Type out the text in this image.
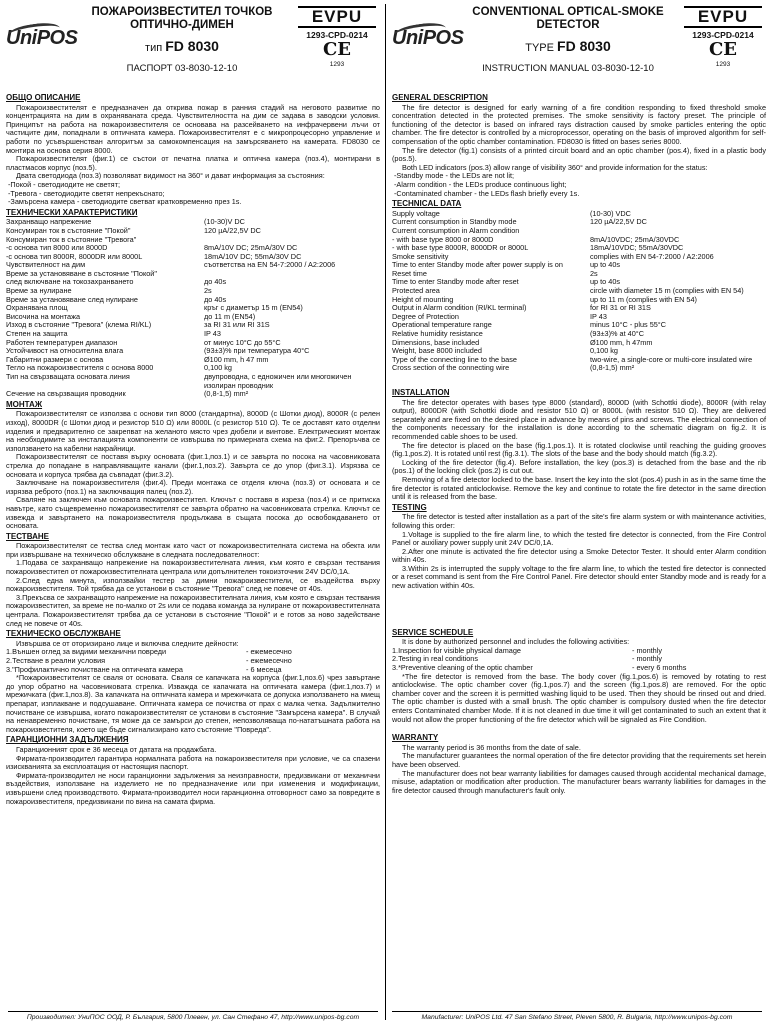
UniPOS
ПОЖАРОИЗВЕСТИТЕЛ ТОЧКОВ
ОПТИЧНО-ДИМЕН
тип FD 8030
ПАСПОРТ 03-8030-12-10
EVPU
1293-CPD-0214
CE
1293
ОБЩО ОПИСАНИЕ

Пожароизвестителят е предназначен да открива пожар в ранния стадий на неговото развитие по концентрацията на дим в охраняваната среда. Чувствителността на дим се задава в заводски условия. Принципът на работа на пожароизвестителя се основава на разсейването на инфрачервени лъчи от частиците дим, попаднали в оптичната камера. Пожароизвестителят е с микропроцесорно управление и работи по усъвършенстван алгоритъм за самокомпенсация на замърсяването на камерата. FD8030 се монтира на основа серия 8000.

Пожароизвестителят (фиг.1) се състои от печатна платка и оптична камера (поз.4), монтирани в пластмасов корпус (поз.5).

Двата светодиода (поз.3) позволяват видимост на 360° и дават информация за състояния:

-Покой - светодиодите не светят;
-Тревога - светодиодите светят непрекъснато;
-Замърсена камера - светодиодите светват кратковременно през 1s.
ТЕХНИЧЕСКИ ХАРАКТЕРИСТИКИ
Захранващо напрежение	(10-30)V DC
Консумиран ток в състояние "Покой"	120 µA/22,5V DC
Консумиран ток в състояние "Тревога"
-с основа тип 8000 или 8000D	8mA/10V DC; 25mA/30V DC
-с основа тип 8000R, 8000DR или 8000L	18mA/10V DC; 55mA/30V DC
Чувствителност на дим	съответства на EN 54-7:2000 / A2:2006
Време за установяване в състояние "Покой"
след включване на токозахранването	до 40s
Време за нулиране	2s
Време за установяване след нулиране	до 40s
Охранявана площ	кръг с диаметър 15 m (EN54)
Височина на монтажа	до 11 m (EN54)
Изход в състояние "Тревога" (клема RI/KL)	за RI 31 или RI 31S
Степен на защита	IP 43
Работен температурен диапазон	от минус 10°C до 55°C
Устойчивост на относителна влага	(93±3)% при температура 40°C
Габаритни размери с основа	Ø100 mm, h 47 mm
Тегло на пожароизвестителя с основа 8000	0,100 kg
Тип на свързващата основата линия	двупроводна, с едножичен или многожичен изолиран проводник
Сечение на свързващия проводник	(0,8-1,5) mm²
МОНТАЖ

Пожароизвестителят се използва с основи тип 8000 (стандартна), 8000D (с Шотки диод), 8000R (с релен изход), 8000DR (с Шотки диод и резистор 510 Ω) или 8000L (с резистор 510 Ω). Те се доставят като отделни изделия и предварително се закрепват на желаното място чрез дюбели и винтове. Електрическият монтаж на необходимите за инсталацията компоненти се извършва по примерната схема на фиг.2. Препоръчва се използването на кабелни накрайници.

Пожароизвестителят се поставя върху основата (фиг.1,поз.1) и се завърта по посока на часовниковата стрелка до попадане в направляващите канали (фиг.1,поз.2). Завърта се до упор (фиг.3.1). Изрязва се основата и корпуса трябва да съвпадат (фиг.3.2).

Заключване на пожароизвестителя (фиг.4). Преди монтажа се отделя ключа (поз.3) от основата и се изрязва реброто (поз.1) на заключващия палец (поз.2).

Сваляне на заключен към основата пожароизвестител. Ключът с поставя в изреза (поз.4) и се притиска навътре, като същевременно пожароизвестителят се завърта обратно на часовниковата стрелка. Ключът се извежда и завъртането на пожароизвестителя продължава в същата посока до освобождаването от основата.

ТЕСТВАНЕ

Пожароизвестителят се тества след монтаж като част от пожароизвестителната система на обекта или при извършване на техническо обслужване в следната последователност:

1.Подава се захранващо напрежение на пожароизвестителната линия, към която е свързан тествания пожароизвестител от пожароизвестителната централа или допълнителен токоизточник 24V DC/0,1A.

2.След една минута, използвайки тестер за димни пожароизвестители, се въздейства върху пожароизвестителя. Той трябва да се установи в състояние "Тревога" след не повече от 40s.

3.Прекъсва се захранващото напрежение на пожароизвестителната линия, към която е свързан тествания пожароизвестител, за време не по-малко от 2s или се подава команда за нулиране от пожароизвестителната централа. Пожароизвестителят трябва да се установи в състояние "Покой" и е готов за ново задействане след не повече от 40s.

ТЕХНИЧЕСКО ОБСЛУЖВАНЕ

Извършва се от оторизирано лице и включва следните дейности:

1.Външен оглед за видими механични повреди	- ежемесечно
2.Тестване в реални условия	- ежемесечно
3."Профилактично почистване на оптичната камера	- 6 месеца

*Пожароизвестителят се сваля от основата. Сваля се капачката на корпуса (фиг.1,поз.6) чрез завъртане до упор обратно на часовниковата стрелка. Изважда се капачката на оптичната камера (фиг.1,поз.7) и мрежичката (фиг.1,поз.8). За капачката на оптичната камера и мрежичката се допуска използването на миещ препарат, изплакване и подсушаване. Оптичната камера се почиства от прах с малка четка. Задължително почистване се извършва, когато пожароизвестителят се установи в състояние "Замърсена камера". В случай на ненавременно почистване, тя може да се замърси до степен, непозволяваща по-нататъшната работа на пожароизвестителя, което ще бъде сигнализирано като състояние "Повреда".

ГАРАНЦИОННИ ЗАДЪЛЖЕНИЯ

Гаранционният срок е 36 месеца от датата на продажбата.

Фирмата-производител гарантира нормалната работа на пожароизвестителя при условие, че са спазени изискванията за експлоатация от настоящия паспорт.

Фирмата-производител не носи гаранционни задължения за неизправности, предизвикани от механични въздействия, използване на изделието не по предназначение или при изменения и модификации, извършени след производството. Фирмата-производител носи гаранционна отговорност само за повредите в пожароизвестителя, предизвикани по вина на самата фирма.

UniPOS
CONVENTIONAL OPTICAL-SMOKE
DETECTOR
TYPE FD 8030
INSTRUCTION MANUAL 03-8030-12-10
EVPU
1293-CPD-0214
CE
1293
GENERAL DESCRIPTION

The fire detector is designed for early warning of a fire condition responding to fixed threshold smoke concentration detected in the protected premises. The smoke sensitivity is factory preset. The principle of functioning of the detector is based on infrared rays distraction caused by smoke particles entering the optic chamber. The fire detector is controlled by a microprocessor, operating on the basis of improved algorithm for self-compensation of the optic chamber contamination. FD8030 is fitted on bases series 8000.

The fire detector (fig.1) consists of a printed circuit board and an optic chamber (pos.4), fixed in a plastic body (pos.5).

Both LED indicators (pos.3) allow range of visibility 360° and provide information for the status:

-Standby mode - the LEDs are not lit;
-Alarm condition - the LEDs produce continuous light;
-Contaminated chamber - the LEDs flash briefly every 1s.
TECHNICAL DATA
Supply voltage	(10-30) VDC
Current consumption in Standby mode	120 µA/22,5V DC
Current consumption in Alarm condition
- with base type 8000 or 8000D	8mA/10VDC; 25mA/30VDC
- with base type 8000R, 8000DR or 8000L	18mA/10VDC; 55mA/30VDC
Smoke sensitivity	complies with EN 54-7:2000 / A2:2006
Time to enter Standby mode after power supply is on	up to 40s
Reset time	2s
Time to enter Standby mode after reset	up to 40s
Protected area	circle with diameter 15 m (complies with EN 54)
Height of mounting	up to 11 m (complies with EN 54)
Output in Alarm condition (RI/KL terminal)	for RI 31 or RI 31S
Degree of Protection	IP 43
Operational temperature range	minus 10°C - plus 55°C
Relative humidity resistance	(93±3)% at 40°C
Dimensions, base included	Ø100 mm, h 47mm
Weight, base 8000 included	0,100 kg
Type of the connecting line to the base	two-wire, a single-core or multi-core insulated wire
Cross section of the connecting wire	(0,8-1,5) mm²
INSTALLATION

The fire detector operates with bases type 8000 (standard), 8000D (with Schottki diode), 8000R (with relay output), 8000DR (with Schottki diode and resistor 510 Ω) or 8000L (with resistor 510 Ω). They are delivered separately and are fixed on the desired place in advance by means of pins and screws. The electrical connection of the components necessary for the installation is done according to the schematic diagram on fig.2. It is recommended cable shoes to be used.

The fire detector is placed on the base (fig.1,pos.1). It is rotated clockwise until reaching the guiding grooves (fig.1,pos.2). It is rotated until rest (fig.3.1). The slots of the base and the body should match (fig.3.2).

Locking of the fire detector (fig.4). Before installation, the key (pos.3) is detached from the base and the rib (pos.1) of the locking click (pos.2) is cut out.

Removing of a fire detector locked to the base. Insert the key into the slot (pos.4) push in as in the same time the fire detector is rotated anticlockwise. Remove the key and continue to rotate the fire detector in the same direction until it is released from the base.

TESTING

The fire detector is tested after installation as a part of the site's fire alarm system or with maintenance activities, following this order:

1.Voltage is supplied to the fire alarm line, to which the tested fire detector is connected, from the Fire Control Panel or auxiliary power supply unit 24V DC/0,1A.

2.After one minute is activated the fire detector using a Smoke Detector Tester. It should enter Alarm condition within 40s.

3.Within 2s is interrupted the supply voltage to the fire alarm line, to which the tested fire detector is connected or a reset command is sent from the Fire Control Panel. Fire detector should enter Standby mode and is ready for a new activation within 40s.

SERVICE SCHEDULE

It is done by authorized personnel and includes the following activities:

1.Inspection for visible physical damage	- monthly
2.Testing in real conditions	- monthly
3.*Preventive cleaning of the optic chamber	- every 6 months

*The fire detector is removed from the base. The body cover (fig.1,pos.6) is removed by rotating to rest anticlockwise. The optic chamber cover (fig.1,pos.7) and the screen (fig.1,pos.8) are removed. For the optic chamber cover and the screen it is permitted washing liquid to be used. Then they should be rinsed out and dried. The optic chamber is dusted with a small brush. The optic chamber is compulsory dusted when the fire detector enters Contaminated chamber Mode. If it is not cleaned in due time it will get contaminated to such an extent that it would not allow the proper functioning of the fire detector which will be signaled as Fire Condition.

WARRANTY

The warranty period is 36 months from the date of sale.

The manufacturer guarantees the normal operation of the fire detector providing that the requirements set herein have been observed.

The manufacturer does not bear warranty liabilities for damages caused through accidental mechanical damage, misuse, adaptation or modification after production. The manufacturer bears warranty liabilities for damages in the fire detector caused through manufacturer's fault only.

Производител: УниПОС ООД, Р. България, 5800 Плевен, ул. Сан Стефано 47, http://www.unipos-bg.com	Manufacturer: UniPOS Ltd. 47 San Stefano Street, Pleven 5800, R. Bulgaria, http://www.unipos-bg.com
